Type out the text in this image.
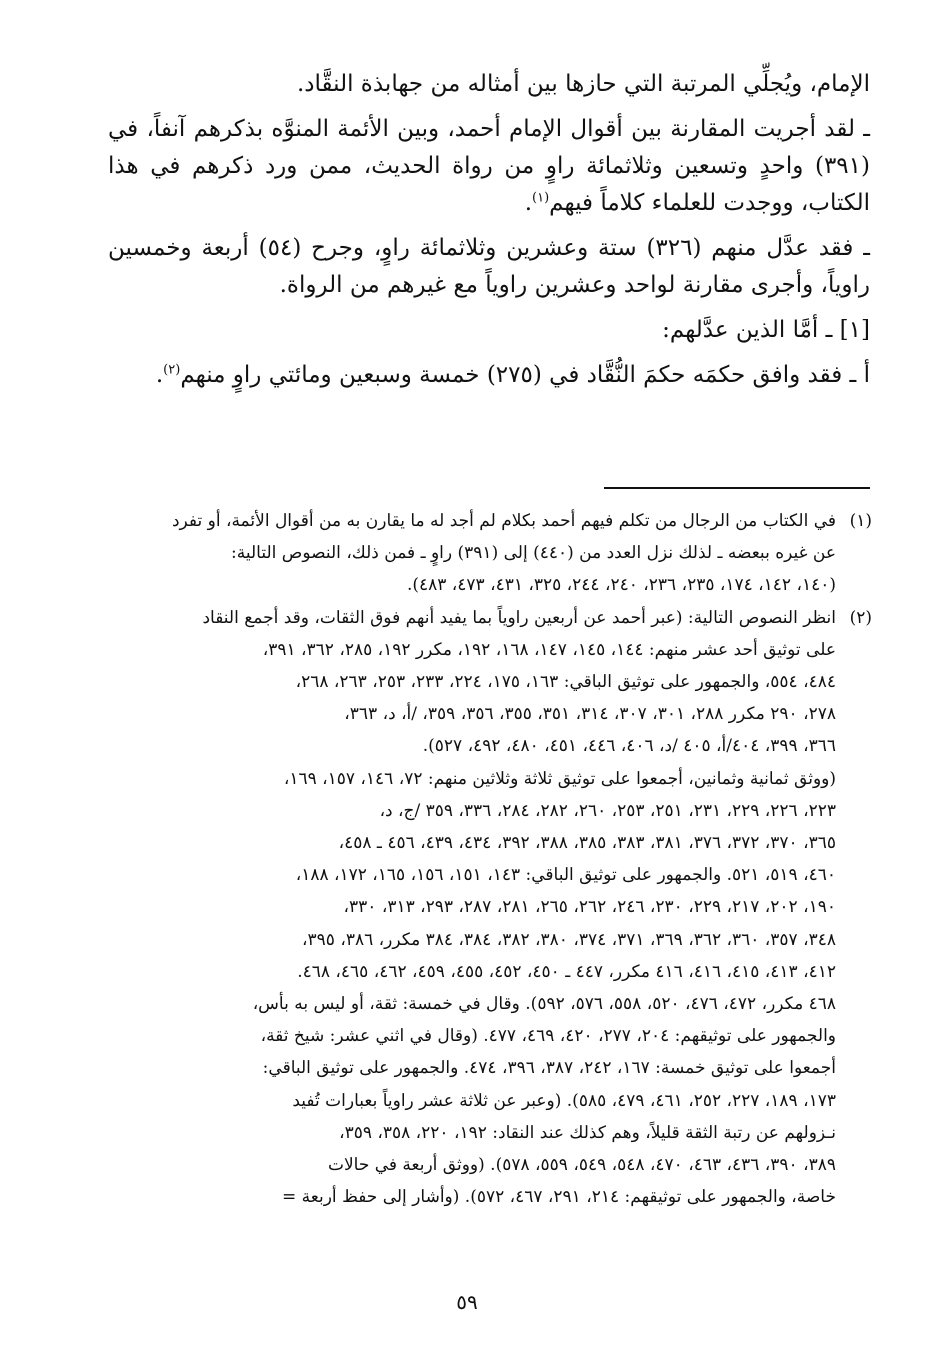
الإمام، ويُجلِّي المرتبة التي حازها بين أمثاله من جهابذة النقَّاد.

ـ لقد أجريت المقارنة بين أقوال الإمام أحمد، وبين الأئمة المنوَّه بذكرهم آنفاً، في (٣٩١) واحدٍ وتسعين وثلاثمائة راوٍ من رواة الحديث، ممن ورد ذكرهم في هذا الكتاب، ووجدت للعلماء كلاماً فيهم$^{(١)}$.

ـ فقد عدَّل منهم (٣٢٦) ستة وعشرين وثلاثمائة راوٍ، وجرح (٥٤) أربعة وخمسين راوياً، وأجرى مقارنة لواحد وعشرين راوياً مع غيرهم من الرواة.

[١] ـ أمَّا الذين عدَّلهم:

أ ـ فقد وافق حكمَه حكمَ النُّقَّاد في (٢٧٥) خمسة وسبعين ومائتي راوٍ منهم$^{(٢)}$.

(١)
في الكتاب من الرجال من تكلم فيهم أحمد بكلام لم أجد له ما يقارن به من أقوال الأئمة، أو تفرد
عن غيره ببعضه ـ لذلك نزل العدد من (٤٤٠) إلى (٣٩١) راوٍ ـ فمن ذلك، النصوص التالية:
(١٤٠، ١٤٢، ١٧٤، ٢٣٥، ٢٣٦، ٢٤٠، ٢٤٤، ٣٢٥، ٤٣١، ٤٧٣، ٤٨٣).
(٢)
انظر النصوص التالية: (عبر أحمد عن أربعين راوياً بما يفيد أنهم فوق الثقات، وقد أجمع النقاد
على توثيق أحد عشر منهم: ١٤٤، ١٤٥، ١٤٧، ١٦٨، ١٩٢، مكرر ١٩٢، ٢٨٥، ٣٦٢، ٣٩١،
٤٨٤، ٥٥٤، والجمهور على توثيق الباقي: ١٦٣، ١٧٥، ٢٢٤، ٢٣٣، ٢٥٣، ٢٦٣، ٢٦٨،
٢٧٨، ٢٩٠ مكرر ٢٨٨، ٣٠١، ٣٠٧، ٣١٤، ٣٥١، ٣٥٥، ٣٥٦، ٣٥٩، /أ، د، ٣٦٣،
٣٦٦، ٣٩٩، ٤٠٤/أ، ٤٠٥ /د، ٤٠٦، ٤٤٦، ٤٥١، ٤٨٠، ٤٩٢، ٥٢٧).
(ووثق ثمانية وثمانين، أجمعوا على توثيق ثلاثة وثلاثين منهم: ٧٢، ١٤٦، ١٥٧، ١٦٩،
٢٢٣، ٢٢٦، ٢٢٩، ٢٣١، ٢٥١، ٢٥٣، ٢٦٠، ٢٨٢، ٢٨٤، ٣٣٦، ٣٥٩ /ج، د،
٣٦٥، ٣٧٠، ٣٧٢، ٣٧٦، ٣٨١، ٣٨٣، ٣٨٥، ٣٨٨، ٣٩٢، ٤٣٤، ٤٣٩، ٤٥٦ ـ ٤٥٨،
٤٦٠، ٥١٩، ٥٢١. والجمهور على توثيق الباقي: ١٤٣، ١٥١، ١٥٦، ١٦٥، ١٧٢، ١٨٨،
١٩٠، ٢٠٢، ٢١٧، ٢٢٩، ٢٣٠، ٢٤٦، ٢٦٢، ٢٦٥، ٢٨١، ٢٨٧، ٢٩٣، ٣١٣، ٣٣٠،
٣٤٨، ٣٥٧، ٣٦٠، ٣٦٢، ٣٦٩، ٣٧١، ٣٧٤، ٣٨٠، ٣٨٢، ٣٨٤، ٣٨٤ مكرر، ٣٨٦، ٣٩٥،
٤١٢، ٤١٣، ٤١٥، ٤١٦، ٤١٦ مكرر، ٤٤٧ ـ ٤٥٠، ٤٥٢، ٤٥٥، ٤٥٩، ٤٦٢، ٤٦٥، ٤٦٨.
٤٦٨ مكرر، ٤٧٢، ٤٧٦، ٥٢٠، ٥٥٨، ٥٧٦، ٥٩٢). وقال في خمسة: ثقة، أو ليس به بأس،
والجمهور على توثيقهم: ٢٠٤، ٢٧٧، ٤٢٠، ٤٦٩، ٤٧٧. (وقال في اثني عشر: شيخ ثقة،
أجمعوا على توثيق خمسة: ١٦٧، ٢٤٢، ٣٨٧، ٣٩٦، ٤٧٤. والجمهور على توثيق الباقي:
١٧٣، ١٨٩، ٢٢٧، ٢٥٢، ٤٦١، ٤٧٩، ٥٨٥). (وعبر عن ثلاثة عشر راوياً بعبارات تُفيد
نـزولهم عن رتبة الثقة قليلاً، وهم كذلك عند النقاد: ١٩٢، ٢٢٠، ٣٥٨، ٣٥٩،
٣٨٩، ٣٩٠، ٤٣٦، ٤٦٣، ٤٧٠، ٥٤٨، ٥٤٩، ٥٥٩، ٥٧٨). (ووثق أربعة في حالات
خاصة، والجمهور على توثيقهم: ٢١٤، ٢٩١، ٤٦٧، ٥٧٢). (وأشار إلى حفظ أربعة =
٥٩
